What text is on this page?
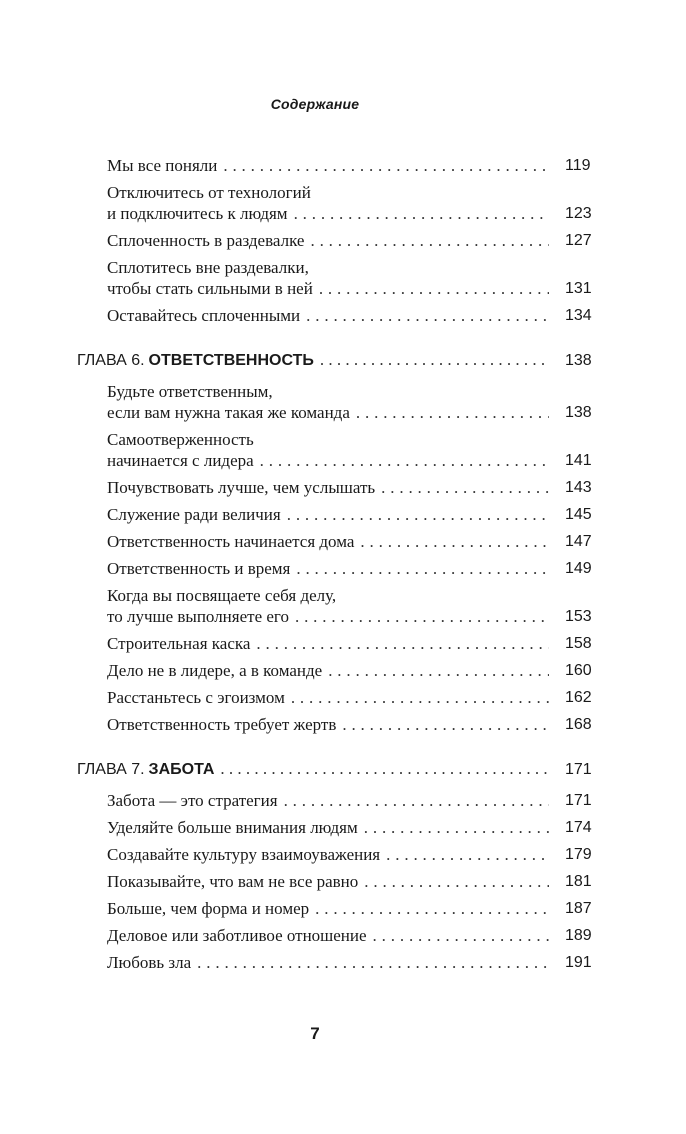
Содержание
Мы все поняли . . .	119
Отключитесь от технологий
и подключитесь к людям . . .	123
Сплоченность в раздевалке . . .	127
Сплотитесь вне раздевалки,
чтобы стать сильными в ней . . .	131
Оставайтесь сплоченными . . .	134
ГЛАВА 6. ОТВЕТСТВЕННОСТЬ . . .	138
Будьте ответственным,
если вам нужна такая же команда . . .	138
Самоотверженность
начинается с лидера . . .	141
Почувствовать лучше, чем услышать . . .	143
Служение ради величия . . .	145
Ответственность начинается дома . . .	147
Ответственность и время . . .	149
Когда вы посвящаете себя делу,
то лучше выполняете его . . .	153
Строительная каска . . .	158
Дело не в лидере, а в команде . . .	160
Расстаньтесь с эгоизмом . . .	162
Ответственность требует жертв . . .	168
ГЛАВА 7. ЗАБОТА . . .	171
Забота — это стратегия . . .	171
Уделяйте больше внимания людям . . .	174
Создавайте культуру взаимоуважения . . .	179
Показывайте, что вам не все равно . . .	181
Больше, чем форма и номер . . .	187
Деловое или заботливое отношение . . .	189
Любовь зла . . .	191
7
